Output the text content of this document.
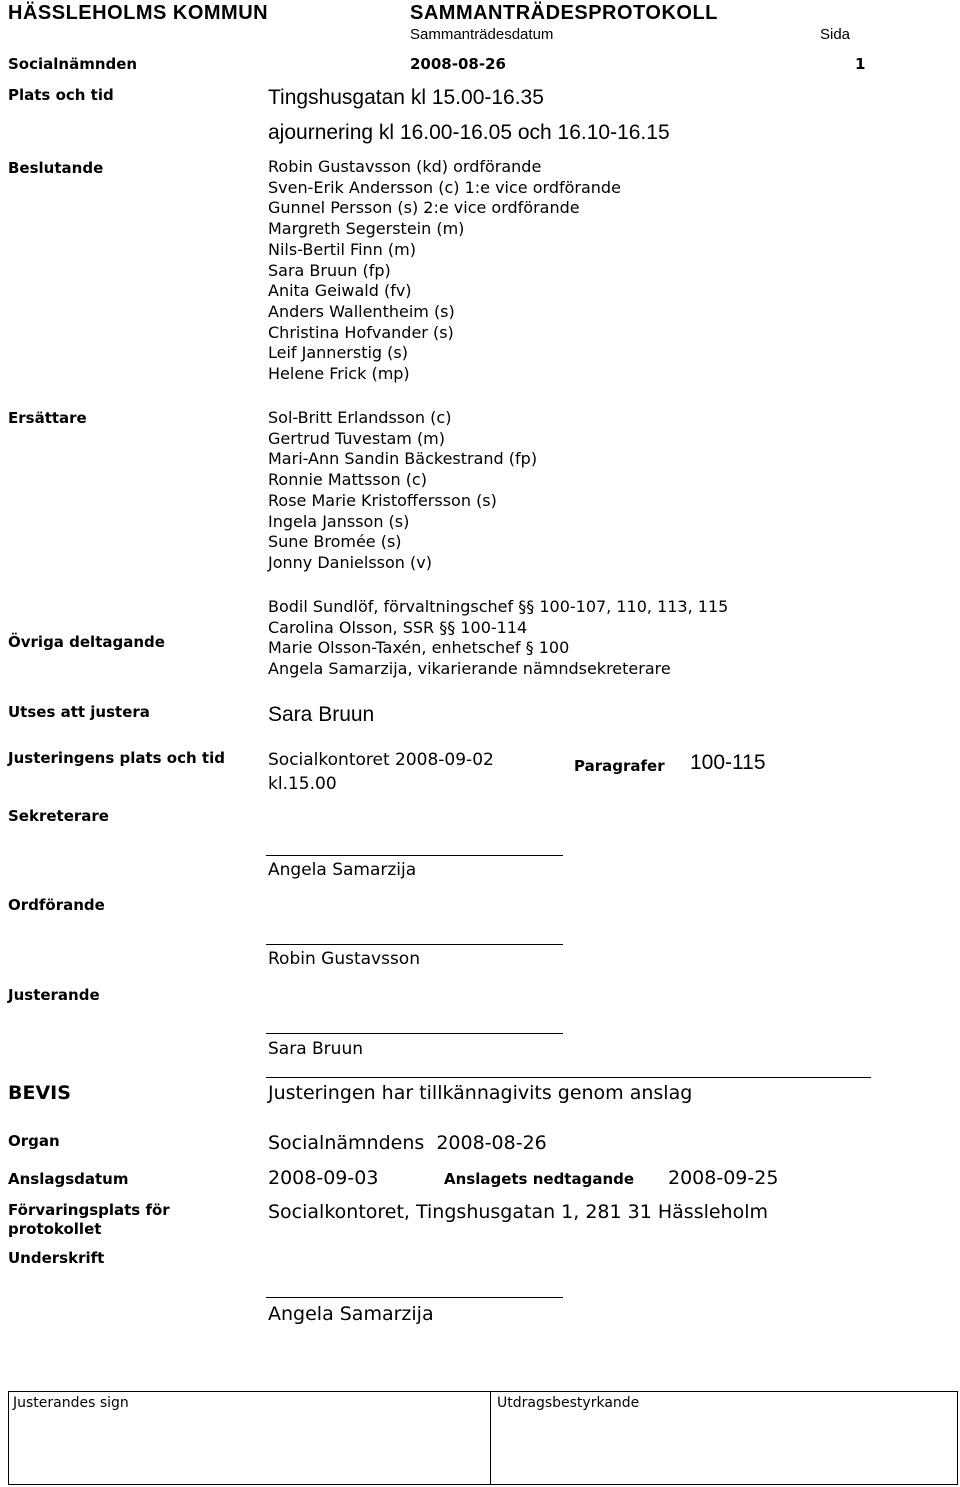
HÄSSLEHOLMS KOMMUN	SAMMANTRÄDESPROTOKOLL
Sammanträdesdatum	Sida
Socialnämnden	2008-08-26	1
Plats och tid	Tingshusgatan kl 15.00-16.35
ajournering kl 16.00-16.05 och 16.10-16.15
Beslutande	Robin Gustavsson (kd) ordförande
Sven-Erik Andersson (c) 1:e vice ordförande
Gunnel Persson (s) 2:e vice ordförande
Margreth Segerstein (m)
Nils-Bertil Finn (m)
Sara Bruun (fp)
Anita Geiwald (fv)
Anders Wallentheim (s)
Christina Hofvander (s)
Leif Jannerstig (s)
Helene Frick (mp)
Ersättare	Sol-Britt Erlandsson (c)
Gertrud Tuvestam (m)
Mari-Ann Sandin Bäckestrand (fp)
Ronnie Mattsson (c)
Rose Marie Kristoffersson (s)
Ingela Jansson (s)
Sune Bromée (s)
Jonny Danielsson (v)
Övriga deltagande
Bodil Sundlöf, förvaltningschef §§ 100-107, 110, 113, 115
Carolina Olsson, SSR §§ 100-114
Marie Olsson-Taxén, enhetschef § 100
Angela Samarzija, vikarierande nämndsekreterare
Utses att justera	Sara Bruun
Justeringens plats och tid	Socialkontoret 2008-09-02
kl.15.00
Paragrafer 100-115
Sekreterare
Angela Samarzija
Ordförande
Robin Gustavsson
Justerande
Sara Bruun
BEVIS	Justeringen har tillkännagivits genom anslag
Organ	Socialnämndens  2008-08-26
Anslagsdatum	2008-09-03	Anslagets nedtagande 2008-09-25
Förvaringsplats för
protokollet
Socialkontoret, Tingshusgatan 1, 281 31 Hässleholm
Underskrift
Angela Samarzija
Justerandes sign	Utdragsbestyrkande
